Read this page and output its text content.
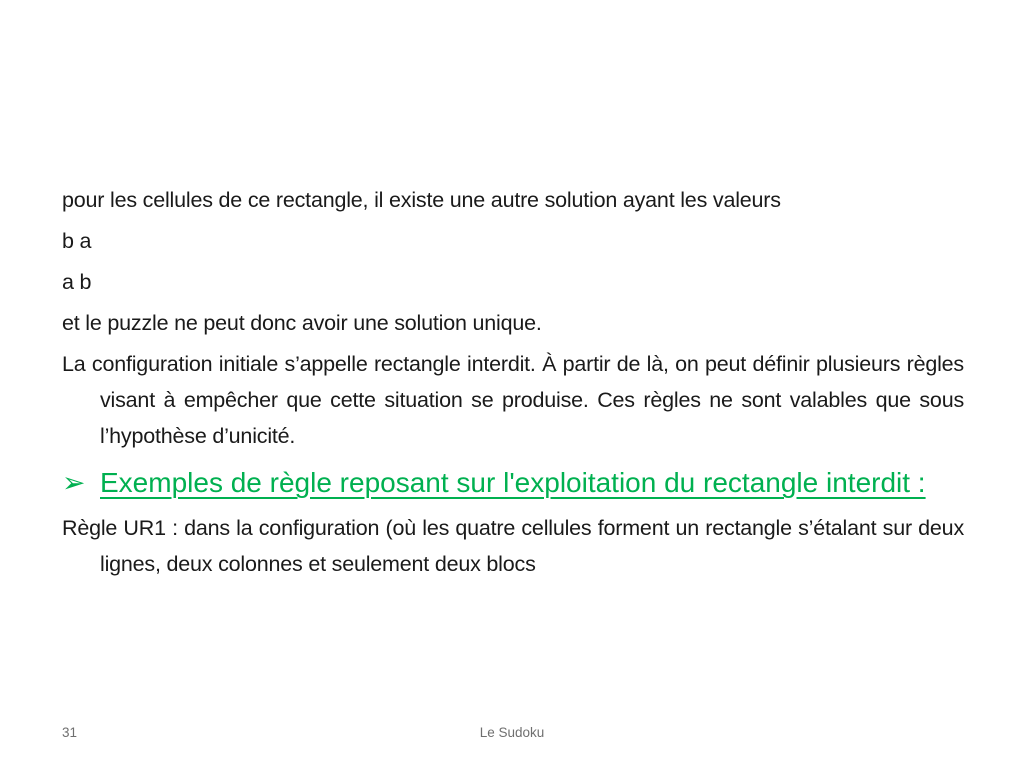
pour les cellules de ce rectangle, il existe une autre solution ayant les valeurs

b a

a b

et le puzzle ne peut donc avoir une solution unique.

La configuration initiale s’appelle rectangle interdit. À partir de là, on peut définir plusieurs règles visant à empêcher que cette situation se produise. Ces règles ne sont valables que sous l’hypothèse d’unicité.

➢ Exemples de règle reposant sur l'exploitation du rectangle interdit :

Règle UR1 : dans la configuration (où les quatre cellules forment un rectangle s’étalant sur deux lignes, deux colonnes et seulement deux blocs

31	Le Sudoku
